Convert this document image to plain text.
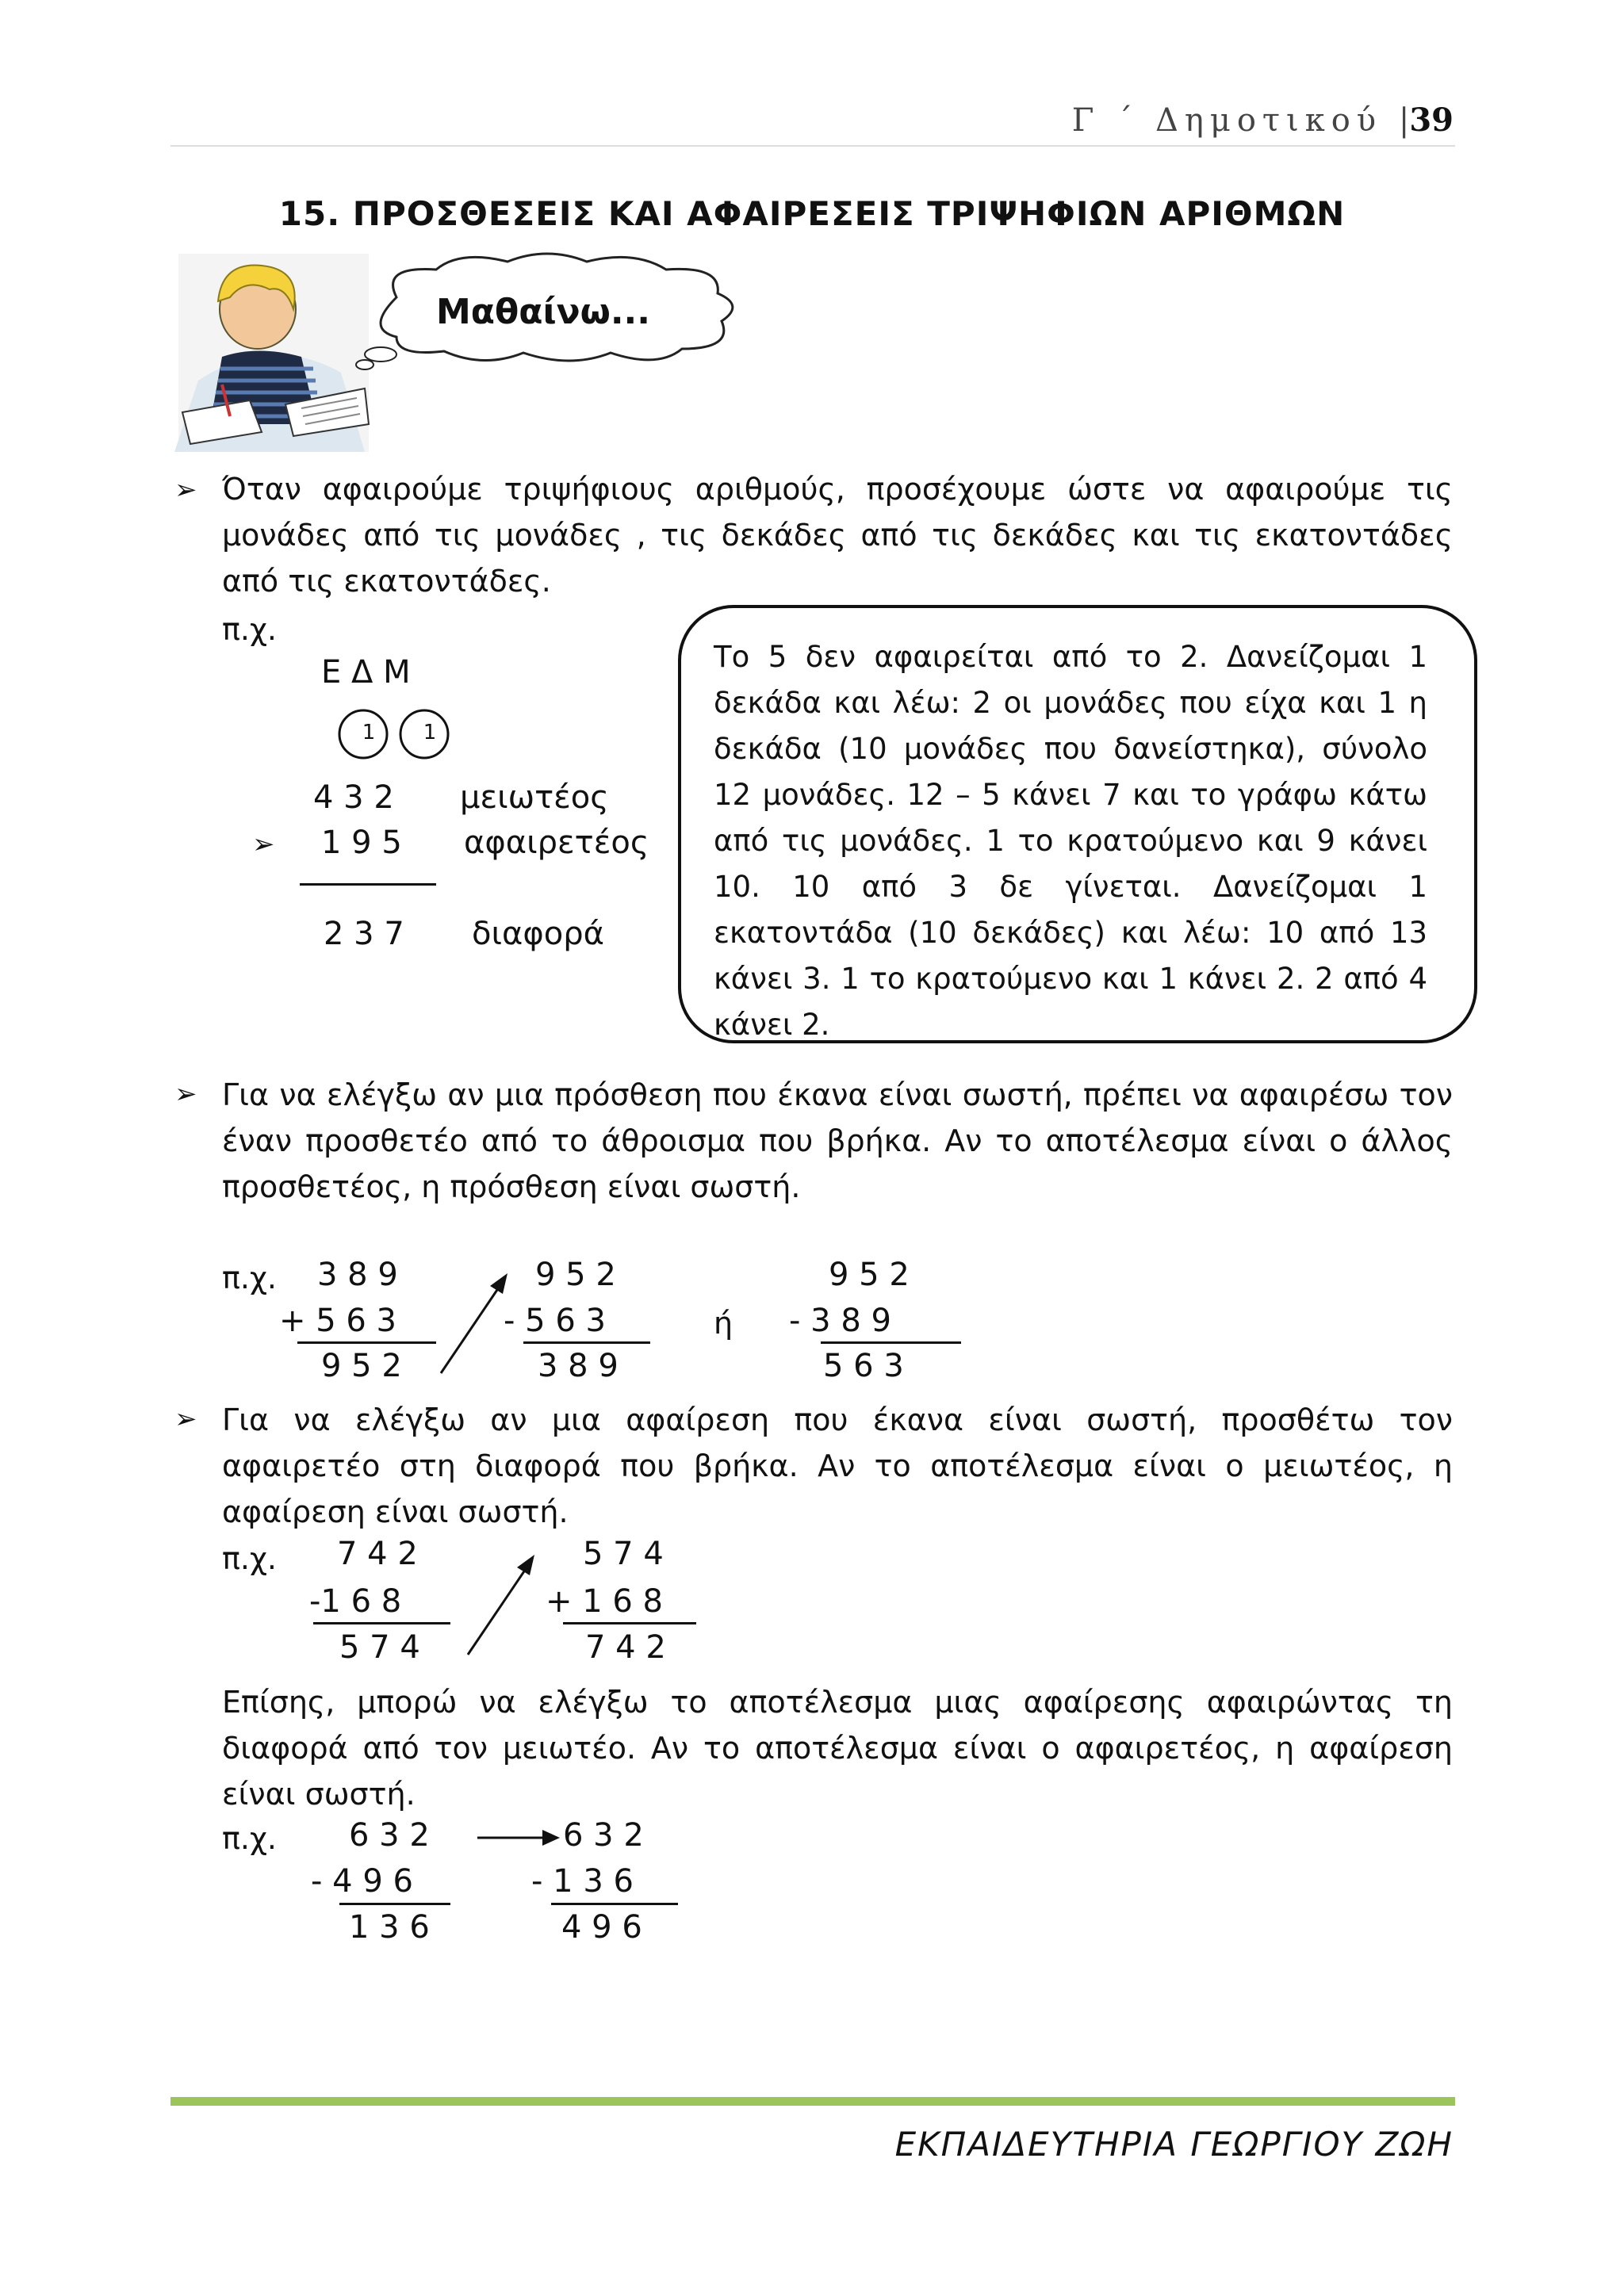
Γ ΄ Δημοτικού |39
15. ΠΡΟΣΘΕΣΕΙΣ ΚΑΙ ΑΦΑΙΡΕΣΕΙΣ ΤΡΙΨΗΦΙΩΝ ΑΡΙΘΜΩΝ
Μαθαίνω...
➢ Όταν αφαιρούμε τριψήφιους αριθμούς, προσέχουμε ώστε να αφαιρούμε τις μονάδες από τις μονάδες , τις δεκάδες από τις δεκάδες και τις εκατοντάδες από τις εκατοντάδες.
π.χ.
Ε Δ Μ
1 1
4 3 2 μειωτέος
➢ 1 9 5 αφαιρετέος
2 3 7 διαφορά
Το 5 δεν αφαιρείται από το 2. Δανείζομαι 1 δεκάδα και λέω: 2 οι μονάδες που είχα και 1 η δεκάδα (10 μονάδες που δανείστηκα), σύνολο 12 μονάδες. 12 – 5 κάνει 7 και το γράφω κάτω από τις μονάδες. 1 το κρατούμενο και 9 κάνει 10. 10 από 3 δε γίνεται. Δανείζομαι 1 εκατοντάδα (10 δεκάδες) και λέω: 10 από 13 κάνει 3. 1 το κρατούμενο και 1 κάνει 2. 2 από 4 κάνει 2.
➢ Για να ελέγξω αν μια πρόσθεση που έκανα είναι σωστή, πρέπει να αφαιρέσω τον έναν προσθετέο από το άθροισμα που βρήκα. Αν το αποτέλεσμα είναι ο άλλος προσθετέος, η πρόσθεση είναι σωστή.
π.χ. 3 8 9
+ 5 6 3
9 5 2
9 5 2
- 5 6 3
3 8 9
ή
9 5 2
- 3 8 9
5 6 3
➢ Για να ελέγξω αν μια αφαίρεση που έκανα είναι σωστή, προσθέτω τον αφαιρετέο στη διαφορά που βρήκα. Αν το αποτέλεσμα είναι ο μειωτέος, η αφαίρεση είναι σωστή.
π.χ. 7 4 2
-1 6 8
5 7 4
5 7 4
+ 1 6 8
7 4 2
Επίσης, μπορώ να ελέγξω το αποτέλεσμα μιας αφαίρεσης αφαιρώντας τη διαφορά από τον μειωτέο. Αν το αποτέλεσμα είναι ο αφαιρετέος, η αφαίρεση είναι σωστή.
π.χ. 6 3 2
- 4 9 6
1 3 6
6 3 2
- 1 3 6
4 9 6
ΕΚΠΑΙΔΕΥΤΗΡΙΑ ΓΕΩΡΓΙΟΥ ΖΩΗ
